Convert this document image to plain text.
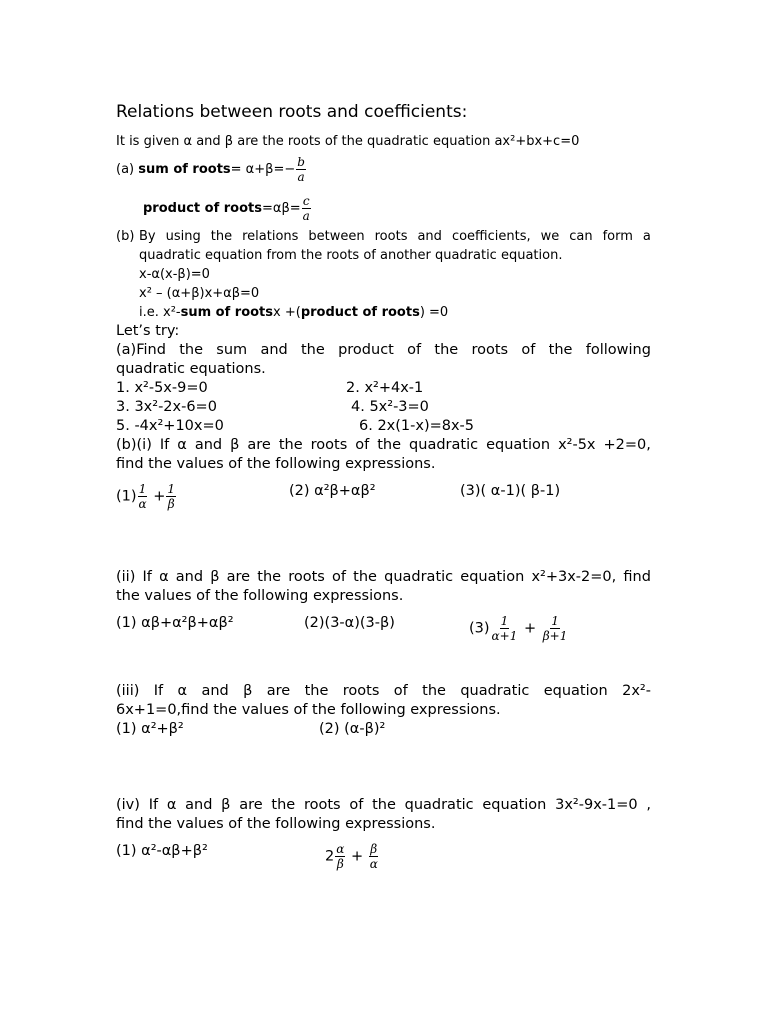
Relations between roots and coefficients:
It is given α and β are the roots of the quadratic equation ax²+bx+c=0
(a) sum of roots= $\alpha+\beta=- \frac{b}{a}$
product of roots=αβ= $\frac{c}{a}$
(b) By using the relations between roots and coefficients, we can form a
quadratic equation from the roots of another quadratic equation.
x-α(x-β)=0
x² – (α+β)x+αβ=0
i.e. x²-sum of rootsx +(product of roots) =0
Let’s try:
(a)Find the sum and the product of the roots of the following
quadratic equations.
1. x²-5x-9=0	2. x²+4x-1
3. 3x²-2x-6=0	4. 5x²-3=0
5. -4x²+10x=0	6. 2x(1-x)=8x-5
(b)(i) If α and β are the roots of the quadratic equation x²-5x +2=0,
find the values of the following expressions.
$(1) \frac{1}{\alpha} + \frac{1}{\beta}$	(2) α²β+αβ²	(3)( α-1)( β-1)
(ii) If α and β are the roots of the quadratic equation x²+3x-2=0, find
the values of the following expressions.
(1) αβ+α²β+αβ²	(2)(3-α)(3-β)	$(3) \frac{1}{\alpha+1} + \frac{1}{\beta+1}$
(iii) If α and β are the roots of the quadratic equation 2x²-
6x+1=0,find the values of the following expressions.
(1) α²+β²	(2) (α-β)²
(iv) If α and β are the roots of the quadratic equation 3x²-9x-1=0 ,
find the values of the following expressions.
(1) α²-αβ+β²	$2 \frac{\alpha}{\beta} + \frac{\beta}{\alpha}$
